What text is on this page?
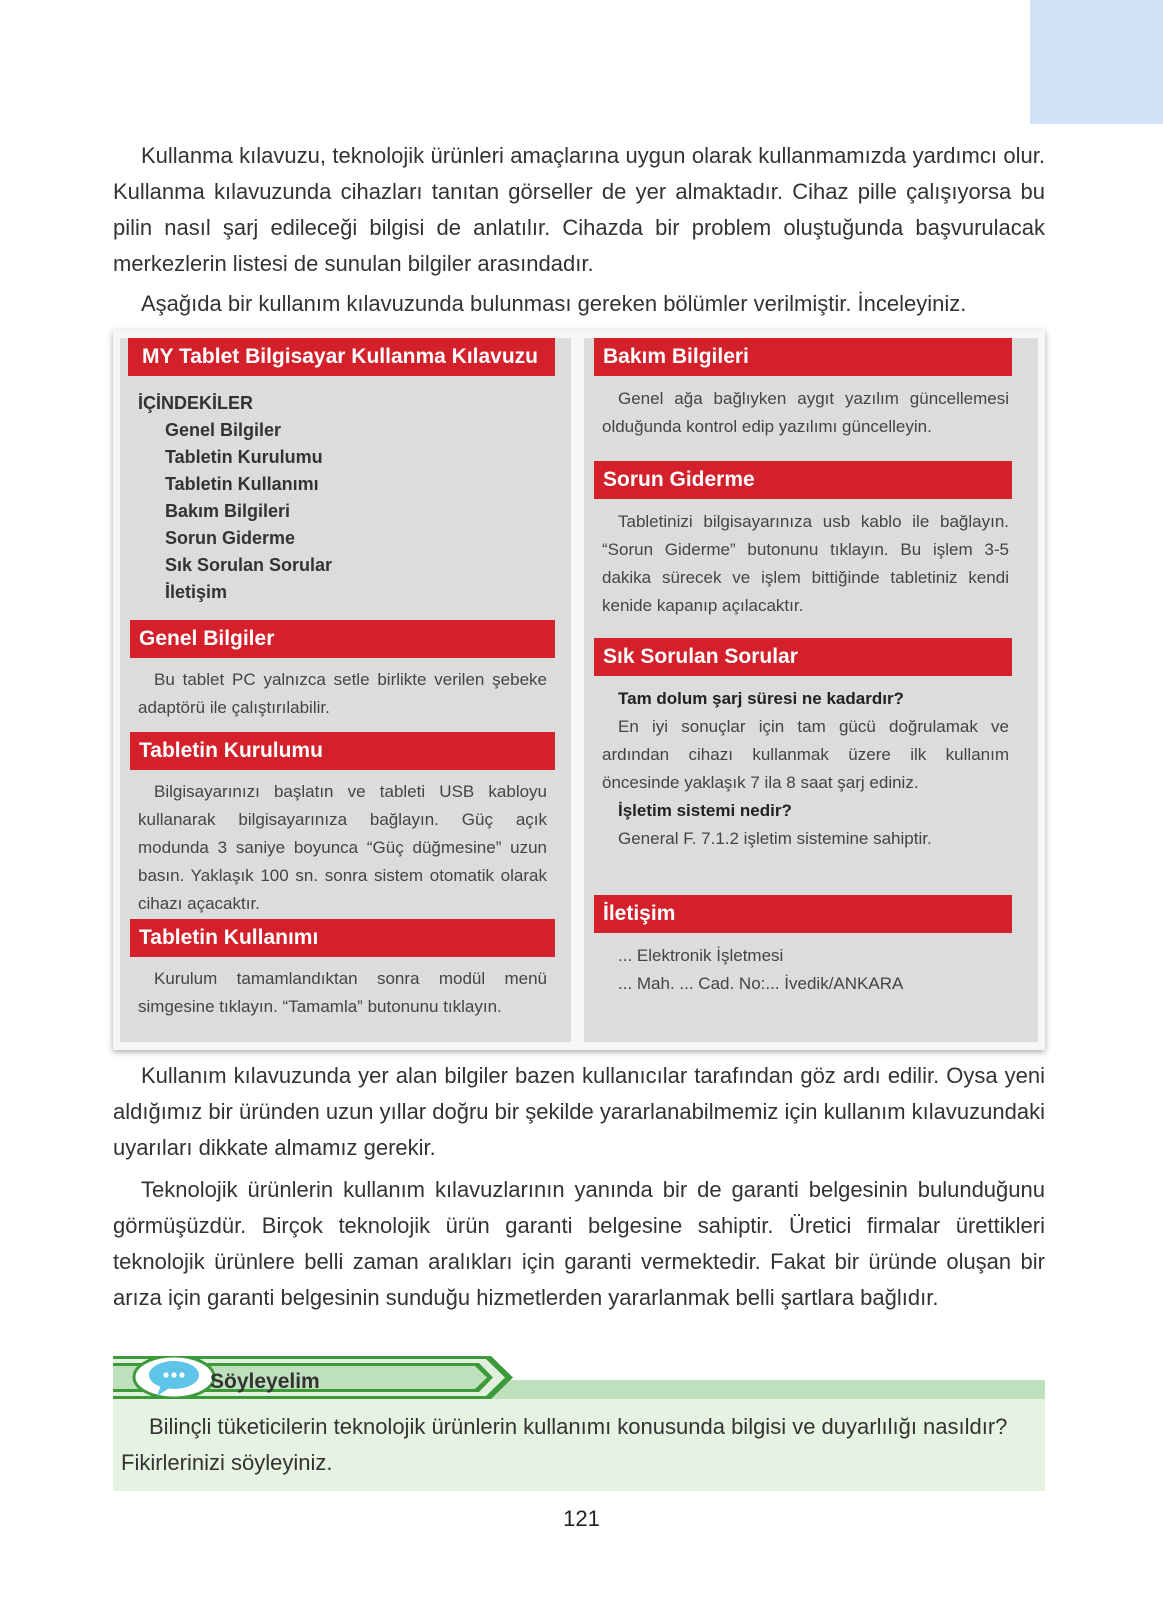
Kullanma kılavuzu, teknolojik ürünleri amaçlarına uygun olarak kullanmamızda yardımcı olur. Kullanma kılavuzunda cihazları tanıtan görseller de yer almaktadır. Cihaz pille çalışıyorsa bu pilin nasıl şarj edileceği bilgisi de anlatılır. Cihazda bir problem oluştuğunda başvurulacak merkezlerin listesi de sunulan bilgiler arasındadır.

Aşağıda bir kullanım kılavuzunda bulunması gereken bölümler verilmiştir. İnceleyiniz.

MY Tablet Bilgisayar Kullanma Kılavuzu
İÇİNDEKİLER
Genel Bilgiler
Tabletin Kurulumu
Tabletin Kullanımı
Bakım Bilgileri
Sorun Giderme
Sık Sorulan Sorular
İletişim
Genel Bilgiler

Bu tablet PC yalnızca setle birlikte verilen şebeke adaptörü ile çalıştırılabilir.

Tabletin Kurulumu

Bilgisayarınızı başlatın ve tableti USB kabloyu kullanarak bilgisayarınıza bağlayın. Güç açık modunda 3 saniye boyunca “Güç düğmesine” uzun basın. Yaklaşık 100 sn. sonra sistem otomatik olarak cihazı açacaktır.

Tabletin Kullanımı

Kurulum tamamlandıktan sonra modül menü simgesine tıklayın. “Tamamla” butonunu tıklayın.

Bakım Bilgileri

Genel ağa bağlıyken aygıt yazılım güncellemesi olduğunda kontrol edip yazılımı güncelleyin.

Sorun Giderme

Tabletinizi bilgisayarınıza usb kablo ile bağlayın. “Sorun Giderme” butonunu tıklayın. Bu işlem 3-5 dakika sürecek ve işlem bittiğinde tabletiniz kendi kenide kapanıp açılacaktır.

Sık Sorulan Sorular
Tam dolum şarj süresi ne kadardır?

En iyi sonuçlar için tam gücü doğrulamak ve ardından cihazı kullanmak üzere ilk kullanım öncesinde yaklaşık 7 ila 8 saat şarj ediniz.

İşletim sistemi nedir?

General F. 7.1.2 işletim sistemine sahiptir.

İletişim
... Elektronik İşletmesi
... Mah. ... Cad. No:... İvedik/ANKARA

Kullanım kılavuzunda yer alan bilgiler bazen kullanıcılar tarafından göz ardı edilir. Oysa yeni aldığımız bir üründen uzun yıllar doğru bir şekilde yararlanabilmemiz için kullanım kılavuzundaki uyarıları dikkate almamız gerekir.

Teknolojik ürünlerin kullanım kılavuzlarının yanında bir de garanti belgesinin bulunduğunu görmüşüzdür. Birçok teknolojik ürün garanti belgesine sahiptir. Üretici firmalar ürettikleri teknolojik ürünlere belli zaman aralıkları için garanti vermektedir. Fakat bir üründe oluşan bir arıza için garanti belgesinin sunduğu hizmetlerden yararlanmak belli şartlara bağlıdır.

Söyleyelim

Bilinçli tüketicilerin teknolojik ürünlerin kullanımı konusunda bilgisi ve duyarlılığı nasıldır? Fikirlerinizi söyleyiniz.

121
